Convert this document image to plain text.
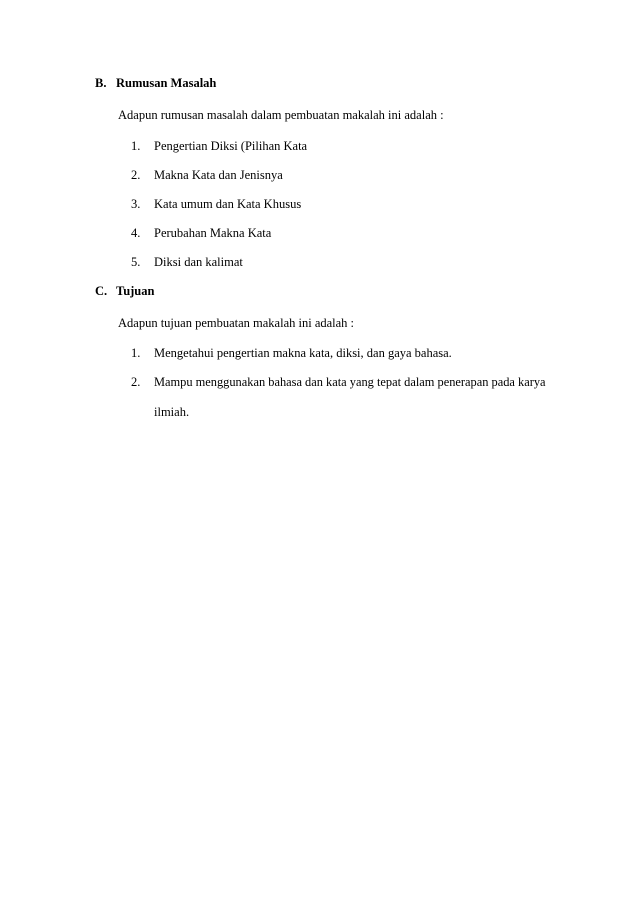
B. Rumusan Masalah
Adapun rumusan masalah dalam pembuatan makalah ini adalah :
1. Pengertian Diksi (Pilihan Kata
2. Makna Kata dan Jenisnya
3. Kata umum dan Kata Khusus
4. Perubahan Makna Kata
5. Diksi dan kalimat
C. Tujuan
Adapun tujuan pembuatan makalah ini adalah :
1. Mengetahui pengertian makna kata, diksi, dan gaya bahasa.
2. Mampu menggunakan bahasa dan kata yang tepat dalam penerapan pada karya
ilmiah.
